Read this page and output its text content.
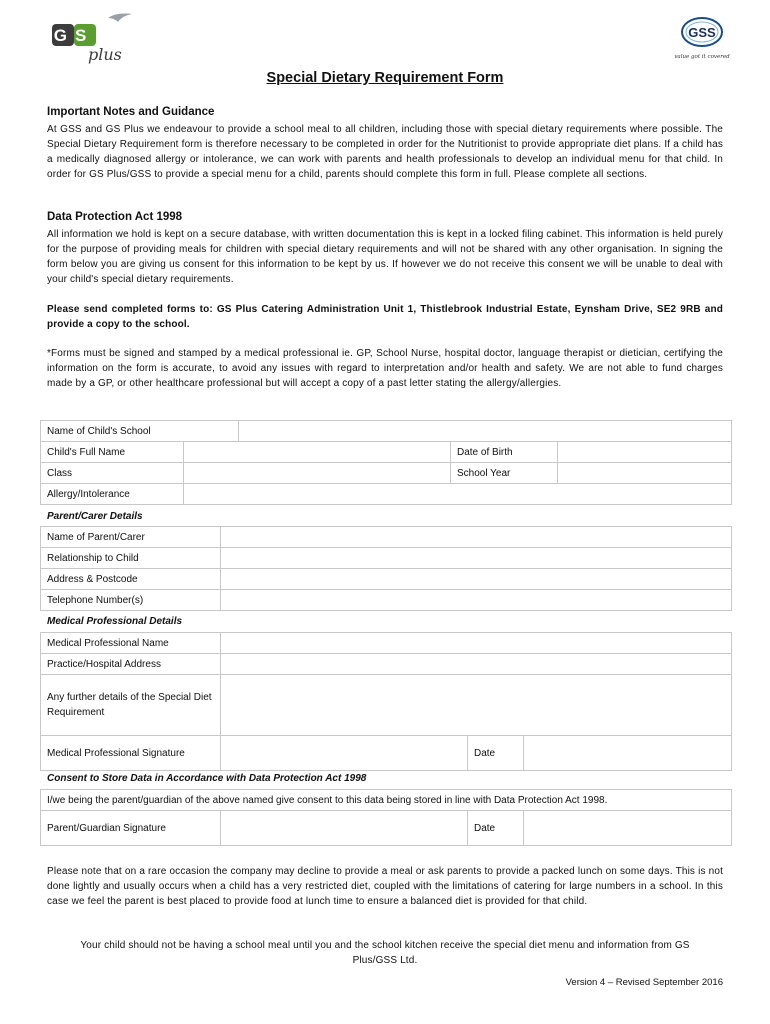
GS
plus
GSS
value got it covered
Special Dietary Requirement Form
Important Notes and Guidance
At GSS and GS Plus we endeavour to provide a school meal to all children, including those with special dietary requirements where possible. The Special Dietary Requirement form is therefore necessary to be completed in order for the Nutritionist to provide appropriate diet plans. If a child has a medically diagnosed allergy or intolerance, we can work with parents and health professionals to develop an individual menu for that child. In order for GS Plus/GSS to provide a special menu for a child, parents should complete this form in full. Please complete all sections.
Data Protection Act 1998
All information we hold is kept on a secure database, with written documentation this is kept in a locked filing cabinet. This information is held purely for the purpose of providing meals for children with special dietary requirements and will not be shared with any other organisation. In signing the form below you are giving us consent for this information to be kept by us. If however we do not receive this consent we will be unable to deal with your child's special dietary requirements.
Please send completed forms to: GS Plus Catering Administration Unit 1, Thistlebrook Industrial Estate, Eynsham Drive, SE2 9RB and provide a copy to the school.
*Forms must be signed and stamped by a medical professional ie. GP, School Nurse, hospital doctor, language therapist or dietician, certifying the information on the form is accurate, to avoid any issues with regard to interpretation and/or health and safety. We are not able to fund charges made by a GP, or other healthcare professional but will accept a copy of a past letter stating the allergy/allergies.
Name of Child's School				
Child's Full Name			Date of Birth	
Class			School Year	
Allergy/Intolerance				
Parent/Carer Details
Name of Parent/Carer	
Relationship to Child	
Address & Postcode	
Telephone Number(s)	
Medical Professional Details
Medical Professional Name			
Practice/Hospital Address			
Any further details of the Special Diet Requirement			
Medical Professional Signature		Date	
Consent to Store Data in Accordance with Data Protection Act 1998
I/we being the parent/guardian of the above named give consent to this data being stored in line with Data Protection Act 1998.
Parent/Guardian Signature		Date	
Please note that on a rare occasion the company may decline to provide a meal or ask parents to provide a packed lunch on some days. This is not done lightly and usually occurs when a child has a very restricted diet, coupled with the limitations of catering for large numbers in a school. In this case we feel the parent is best placed to provide food at lunch time to ensure a balanced diet is provided for that child.
Your child should not be having a school meal until you and the school kitchen receive the special diet menu and information from GS Plus/GSS Ltd.
Version 4 – Revised September 2016
